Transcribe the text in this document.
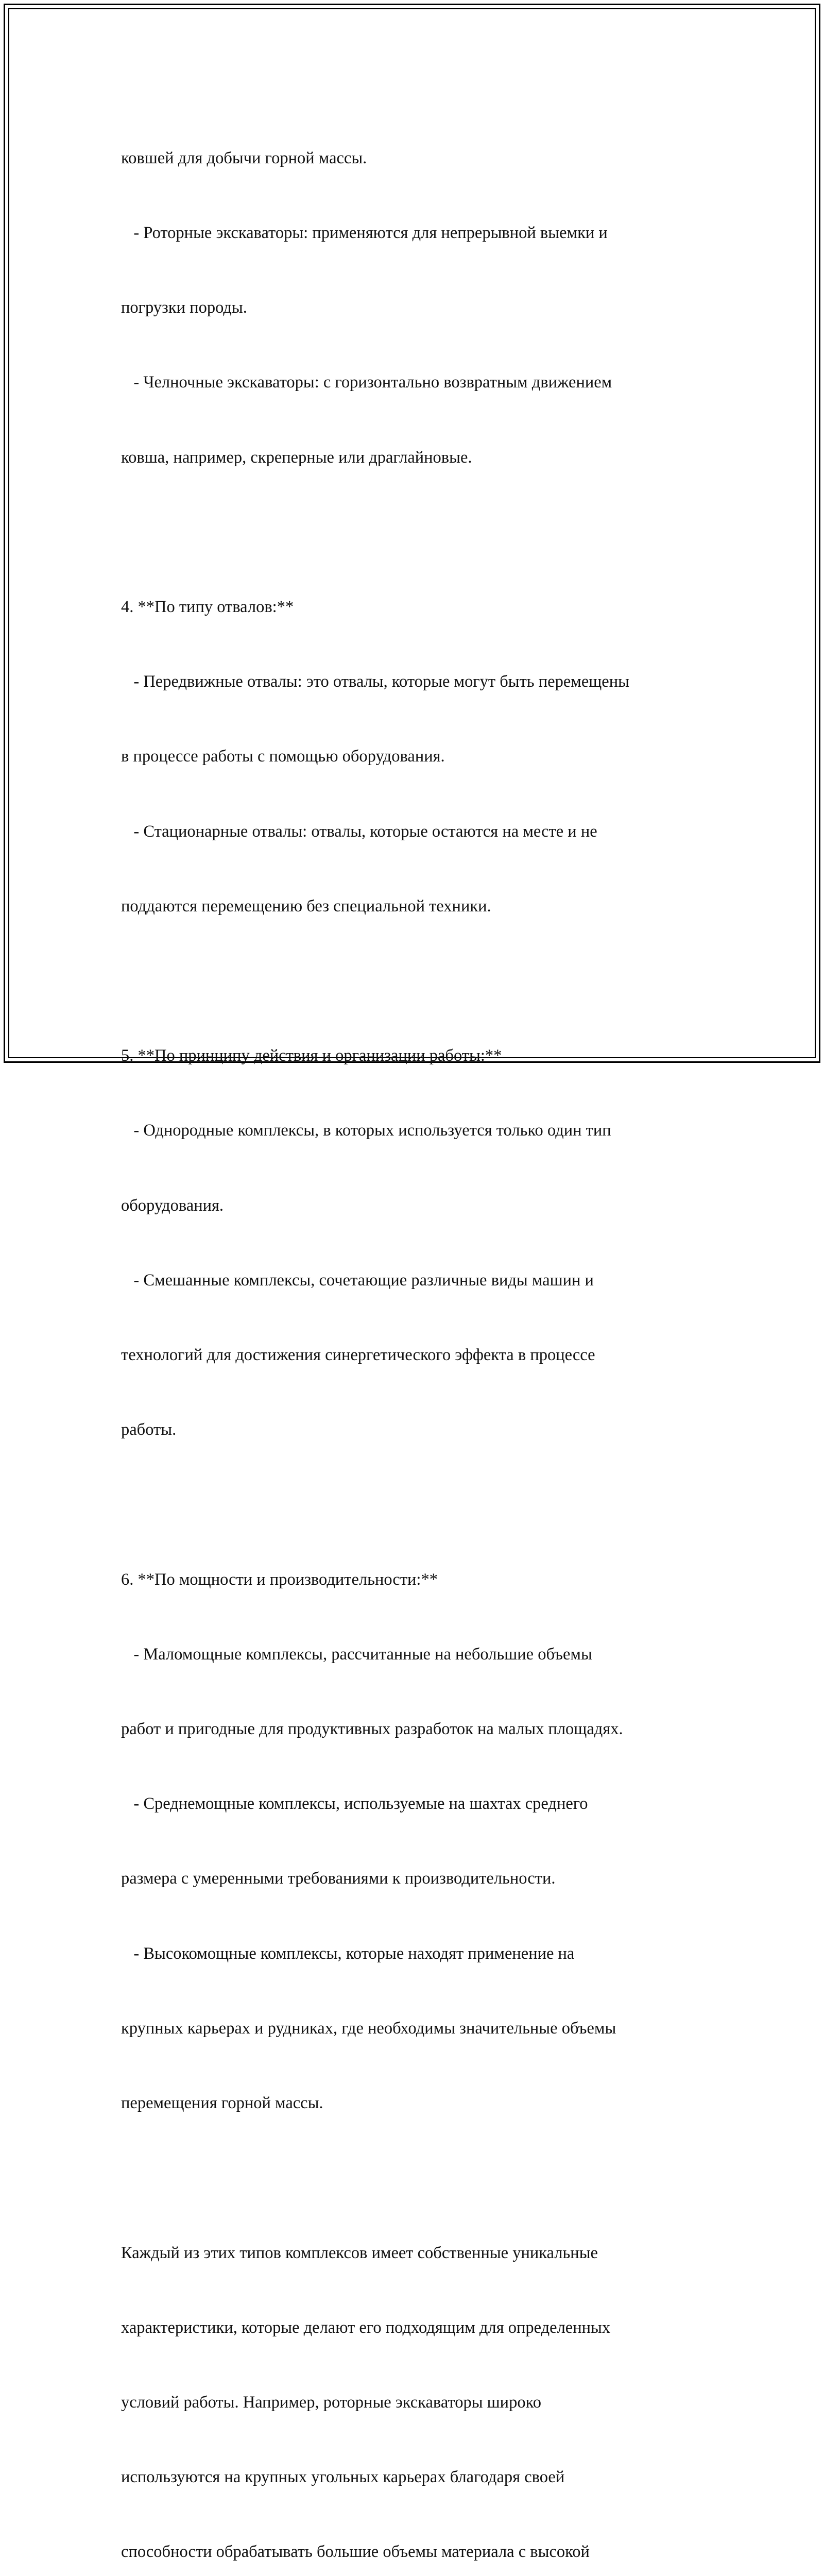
ковшей для добычи горной массы.

- Роторные экскаваторы: применяются для непрерывной выемки и

погрузки породы.

- Челночные экскаваторы: с горизонтально возвратным движением

ковша, например, скреперные или драглайновые.

4. **По типу отвалов:**

- Передвижные отвалы: это отвалы, которые могут быть перемещены

в процессе работы с помощью оборудования.

- Стационарные отвалы: отвалы, которые остаются на месте и не

поддаются перемещению без специальной техники.

5. **По принципу действия и организации работы:**

- Однородные комплексы, в которых используется только один тип

оборудования.

- Смешанные комплексы, сочетающие различные виды машин и

технологий для достижения синергетического эффекта в процессе

работы.

6. **По мощности и производительности:**

- Маломощные комплексы, рассчитанные на небольшие объемы

работ и пригодные для продуктивных разработок на малых площадях.

- Среднемощные комплексы, используемые на шахтах среднего

размера с умеренными требованиями к производительности.

- Высокомощные комплексы, которые находят применение на

крупных карьерах и рудниках, где необходимы значительные объемы

перемещения горной массы.

Каждый из этих типов комплексов имеет собственные уникальные

характеристики, которые делают его подходящим для определенных

условий работы. Например, роторные экскаваторы широко

используются на крупных угольных карьерах благодаря своей

способности обрабатывать большие объемы материала с высокой
